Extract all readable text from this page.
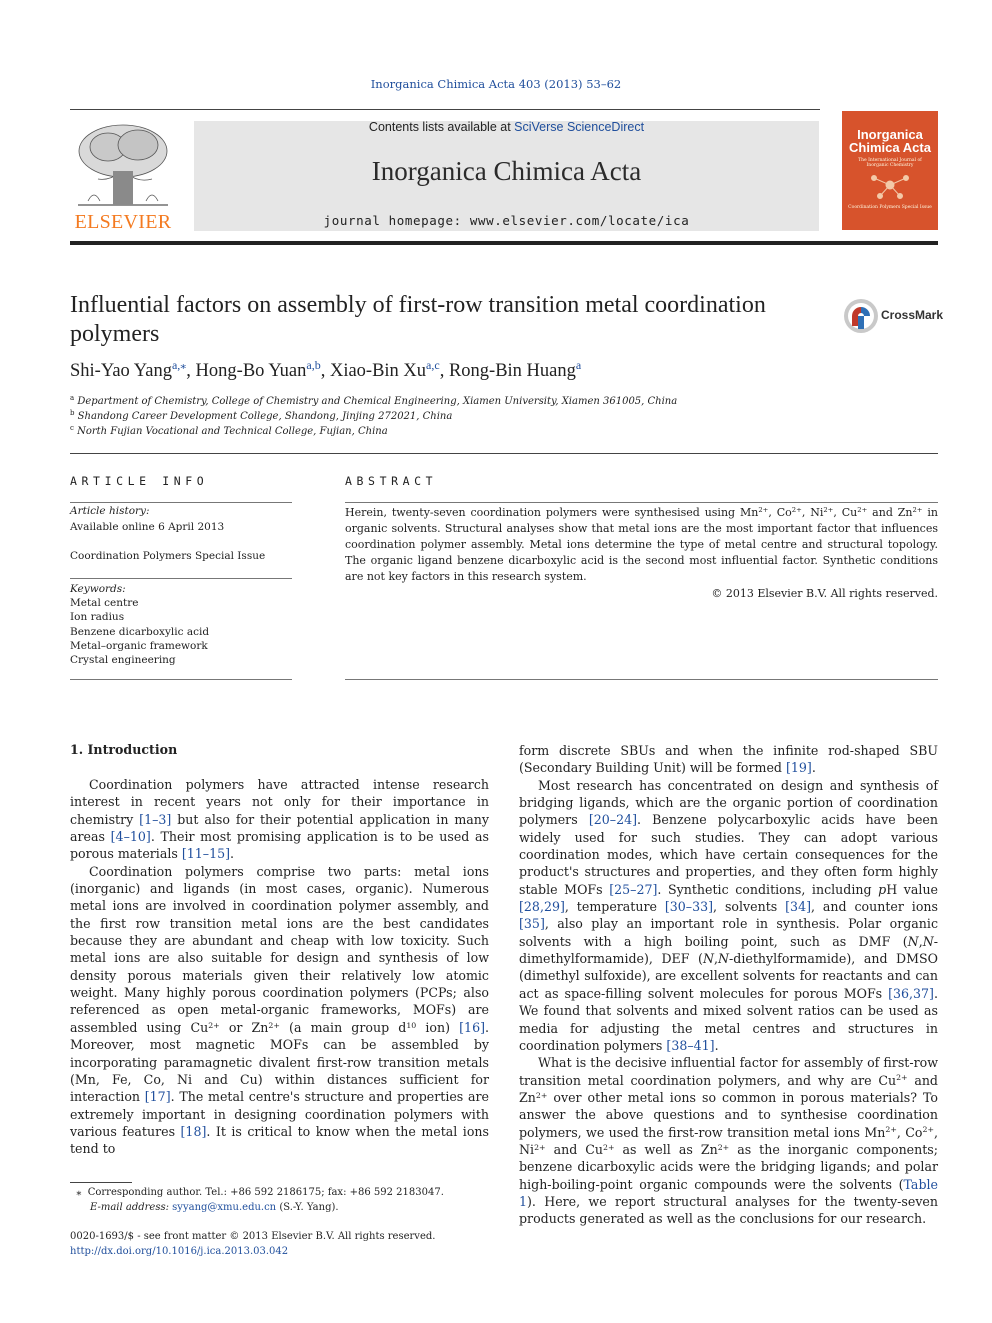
Inorganica Chimica Acta 403 (2013) 53–62
ELSEVIER
Contents lists available at SciVerse ScienceDirect
Inorganica Chimica Acta
journal homepage: www.elsevier.com/locate/ica
Inorganica
Chimica Acta
The International Journal of Inorganic Chemistry
Coordination Polymers Special Issue
Influential factors on assembly of first-row transition metal coordination polymers
CrossMark
Shi-Yao Yang$^{a,⁎}$, Hong-Bo Yuan$^{a,b}$, Xiao-Bin Xu$^{a,c}$, Rong-Bin Huang$^a$
$^a$ Department of Chemistry, College of Chemistry and Chemical Engineering, Xiamen University, Xiamen 361005, China
$^b$ Shandong Career Development College, Shandong, Jinjing 272021, China
$^c$ North Fujian Vocational and Technical College, Fujian, China
ARTICLE INFO
Article history:
Available online 6 April 2013
Coordination Polymers Special Issue
Keywords:
Metal centre
Ion radius
Benzene dicarboxylic acid
Metal–organic framework
Crystal engineering
ABSTRACT
Herein, twenty-seven coordination polymers were synthesised using $Mn^{2+}$, $Co^{2+}$, $Ni^{2+}$, $Cu^{2+}$ and $Zn^{2+}$ in organic solvents. Structural analyses show that metal ions are the most important factor that influences coordination polymer assembly. Metal ions determine the type of metal centre and structural topology. The organic ligand benzene dicarboxylic acid is the second most influential factor. Synthetic conditions are not key factors in this research system.
© 2013 Elsevier B.V. All rights reserved.
1. Introduction

Coordination polymers have attracted intense research interest in recent years not only for their importance in chemistry [1–3] but also for their potential application in many areas [4–10]. Their most promising application is to be used as porous materials [11–15].

Coordination polymers comprise two parts: metal ions (inorganic) and ligands (in most cases, organic). Numerous metal ions are involved in coordination polymer assembly, and the first row transition metal ions are the best candidates because they are abundant and cheap with low toxicity. Such metal ions are also suitable for design and synthesis of low density porous materials given their relatively low atomic weight. Many highly porous coordination polymers (PCPs; also referenced as open metal-organic frameworks, MOFs) are assembled using $Cu^{2+}$ or $Zn^{2+}$ (a main group $d^{10}$ ion) [16]. Moreover, most magnetic MOFs can be assembled by incorporating paramagnetic divalent first-row transition metals (Mn, Fe, Co, Ni and Cu) within distances sufficient for interaction [17]. The metal centre's structure and properties are extremely important in designing coordination polymers with various features [18]. It is critical to know when the metal ions tend to

form discrete SBUs and when the infinite rod-shaped SBU (Secondary Building Unit) will be formed [19].

Most research has concentrated on design and synthesis of bridging ligands, which are the organic portion of coordination polymers [20–24]. Benzene polycarboxylic acids have been widely used for such studies. They can adopt various coordination modes, which have certain consequences for the product's structures and properties, and they often form highly stable MOFs [25–27]. Synthetic conditions, including pH value [28,29], temperature [30–33], solvents [34], and counter ions [35], also play an important role in synthesis. Polar organic solvents with a high boiling point, such as DMF (N,N-dimethylformamide), DEF (N,N-diethylformamide), and DMSO (dimethyl sulfoxide), are excellent solvents for reactants and can act as space-filling solvent molecules for porous MOFs [36,37]. We found that solvents and mixed solvent ratios can be used as media for adjusting the metal centres and structures in coordination polymers [38–41].

What is the decisive influential factor for assembly of first-row transition metal coordination polymers, and why are $Cu^{2+}$ and $Zn^{2+}$ over other metal ions so common in porous materials? To answer the above questions and to synthesise coordination polymers, we used the first-row transition metal ions $Mn^{2+}$, $Co^{2+}$, $Ni^{2+}$ and $Cu^{2+}$ as well as $Zn^{2+}$ as the inorganic components; benzene dicarboxylic acids were the bridging ligands; and polar high-boiling-point organic compounds were the solvents (Table 1). Here, we report structural analyses for the twenty-seven products generated as well as the conclusions for our research.

⁎ Corresponding author. Tel.: +86 592 2186175; fax: +86 592 2183047.
E-mail address: syyang@xmu.edu.cn (S.-Y. Yang).
0020-1693/$ - see front matter © 2013 Elsevier B.V. All rights reserved.
http://dx.doi.org/10.1016/j.ica.2013.03.042
